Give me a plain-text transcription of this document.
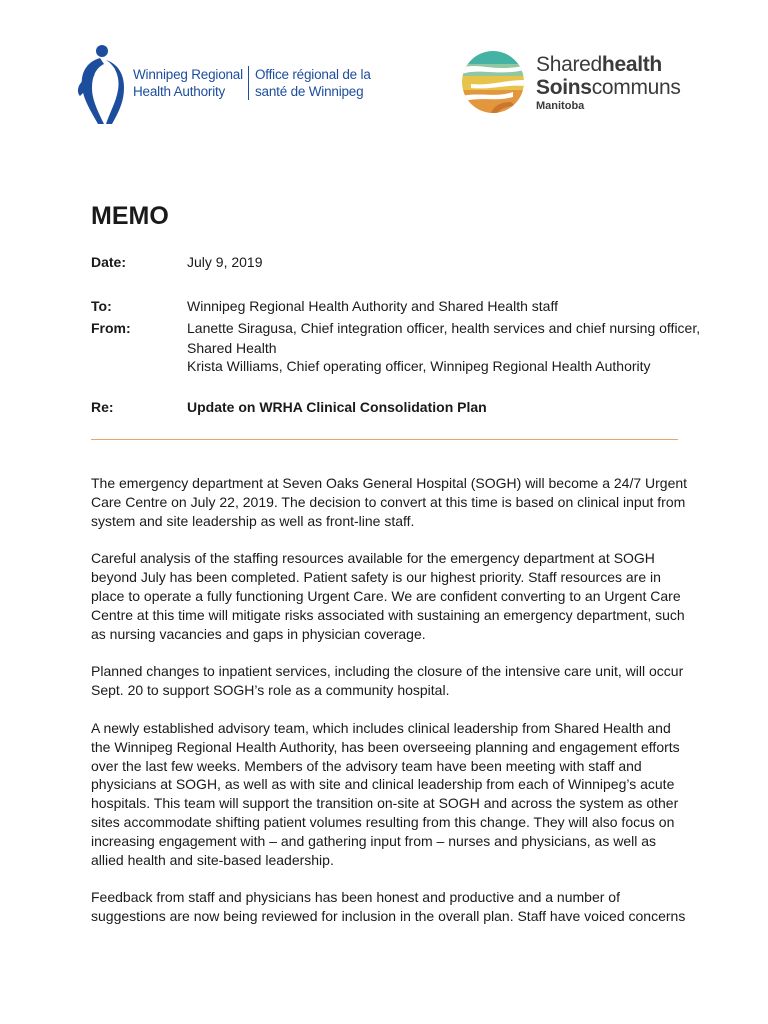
Winnipeg Regional
Health Authority
Office régional de la
santé de Winnipeg
Sharedhealth
Soinscommuns
Manitoba
MEMO
Date:	July 9, 2019
To:	Winnipeg Regional Health Authority and Shared Health staff
From:	Lanette Siragusa, Chief integration officer, health services and chief nursing officer, Shared Health
Krista Williams, Chief operating officer, Winnipeg Regional Health Authority
Re:	Update on WRHA Clinical Consolidation Plan

The emergency department at Seven Oaks General Hospital (SOGH) will become a 24/7 Urgent Care Centre on July 22, 2019. The decision to convert at this time is based on clinical input from system and site leadership as well as front-line staff.

Careful analysis of the staffing resources available for the emergency department at SOGH beyond July has been completed. Patient safety is our highest priority. Staff resources are in place to operate a fully functioning Urgent Care. We are confident converting to an Urgent Care Centre at this time will mitigate risks associated with sustaining an emergency department, such as nursing vacancies and gaps in physician coverage.

Planned changes to inpatient services, including the closure of the intensive care unit, will occur Sept. 20 to support SOGH’s role as a community hospital.

A newly established advisory team, which includes clinical leadership from Shared Health and the Winnipeg Regional Health Authority, has been overseeing planning and engagement efforts over the last few weeks. Members of the advisory team have been meeting with staff and physicians at SOGH, as well as with site and clinical leadership from each of Winnipeg’s acute hospitals. This team will support the transition on-site at SOGH and across the system as other sites accommodate shifting patient volumes resulting from this change. They will also focus on increasing engagement with – and gathering input from – nurses and physicians, as well as allied health and site-based leadership.

Feedback from staff and physicians has been honest and productive and a number of suggestions are now being reviewed for inclusion in the overall plan. Staff have voiced concerns
